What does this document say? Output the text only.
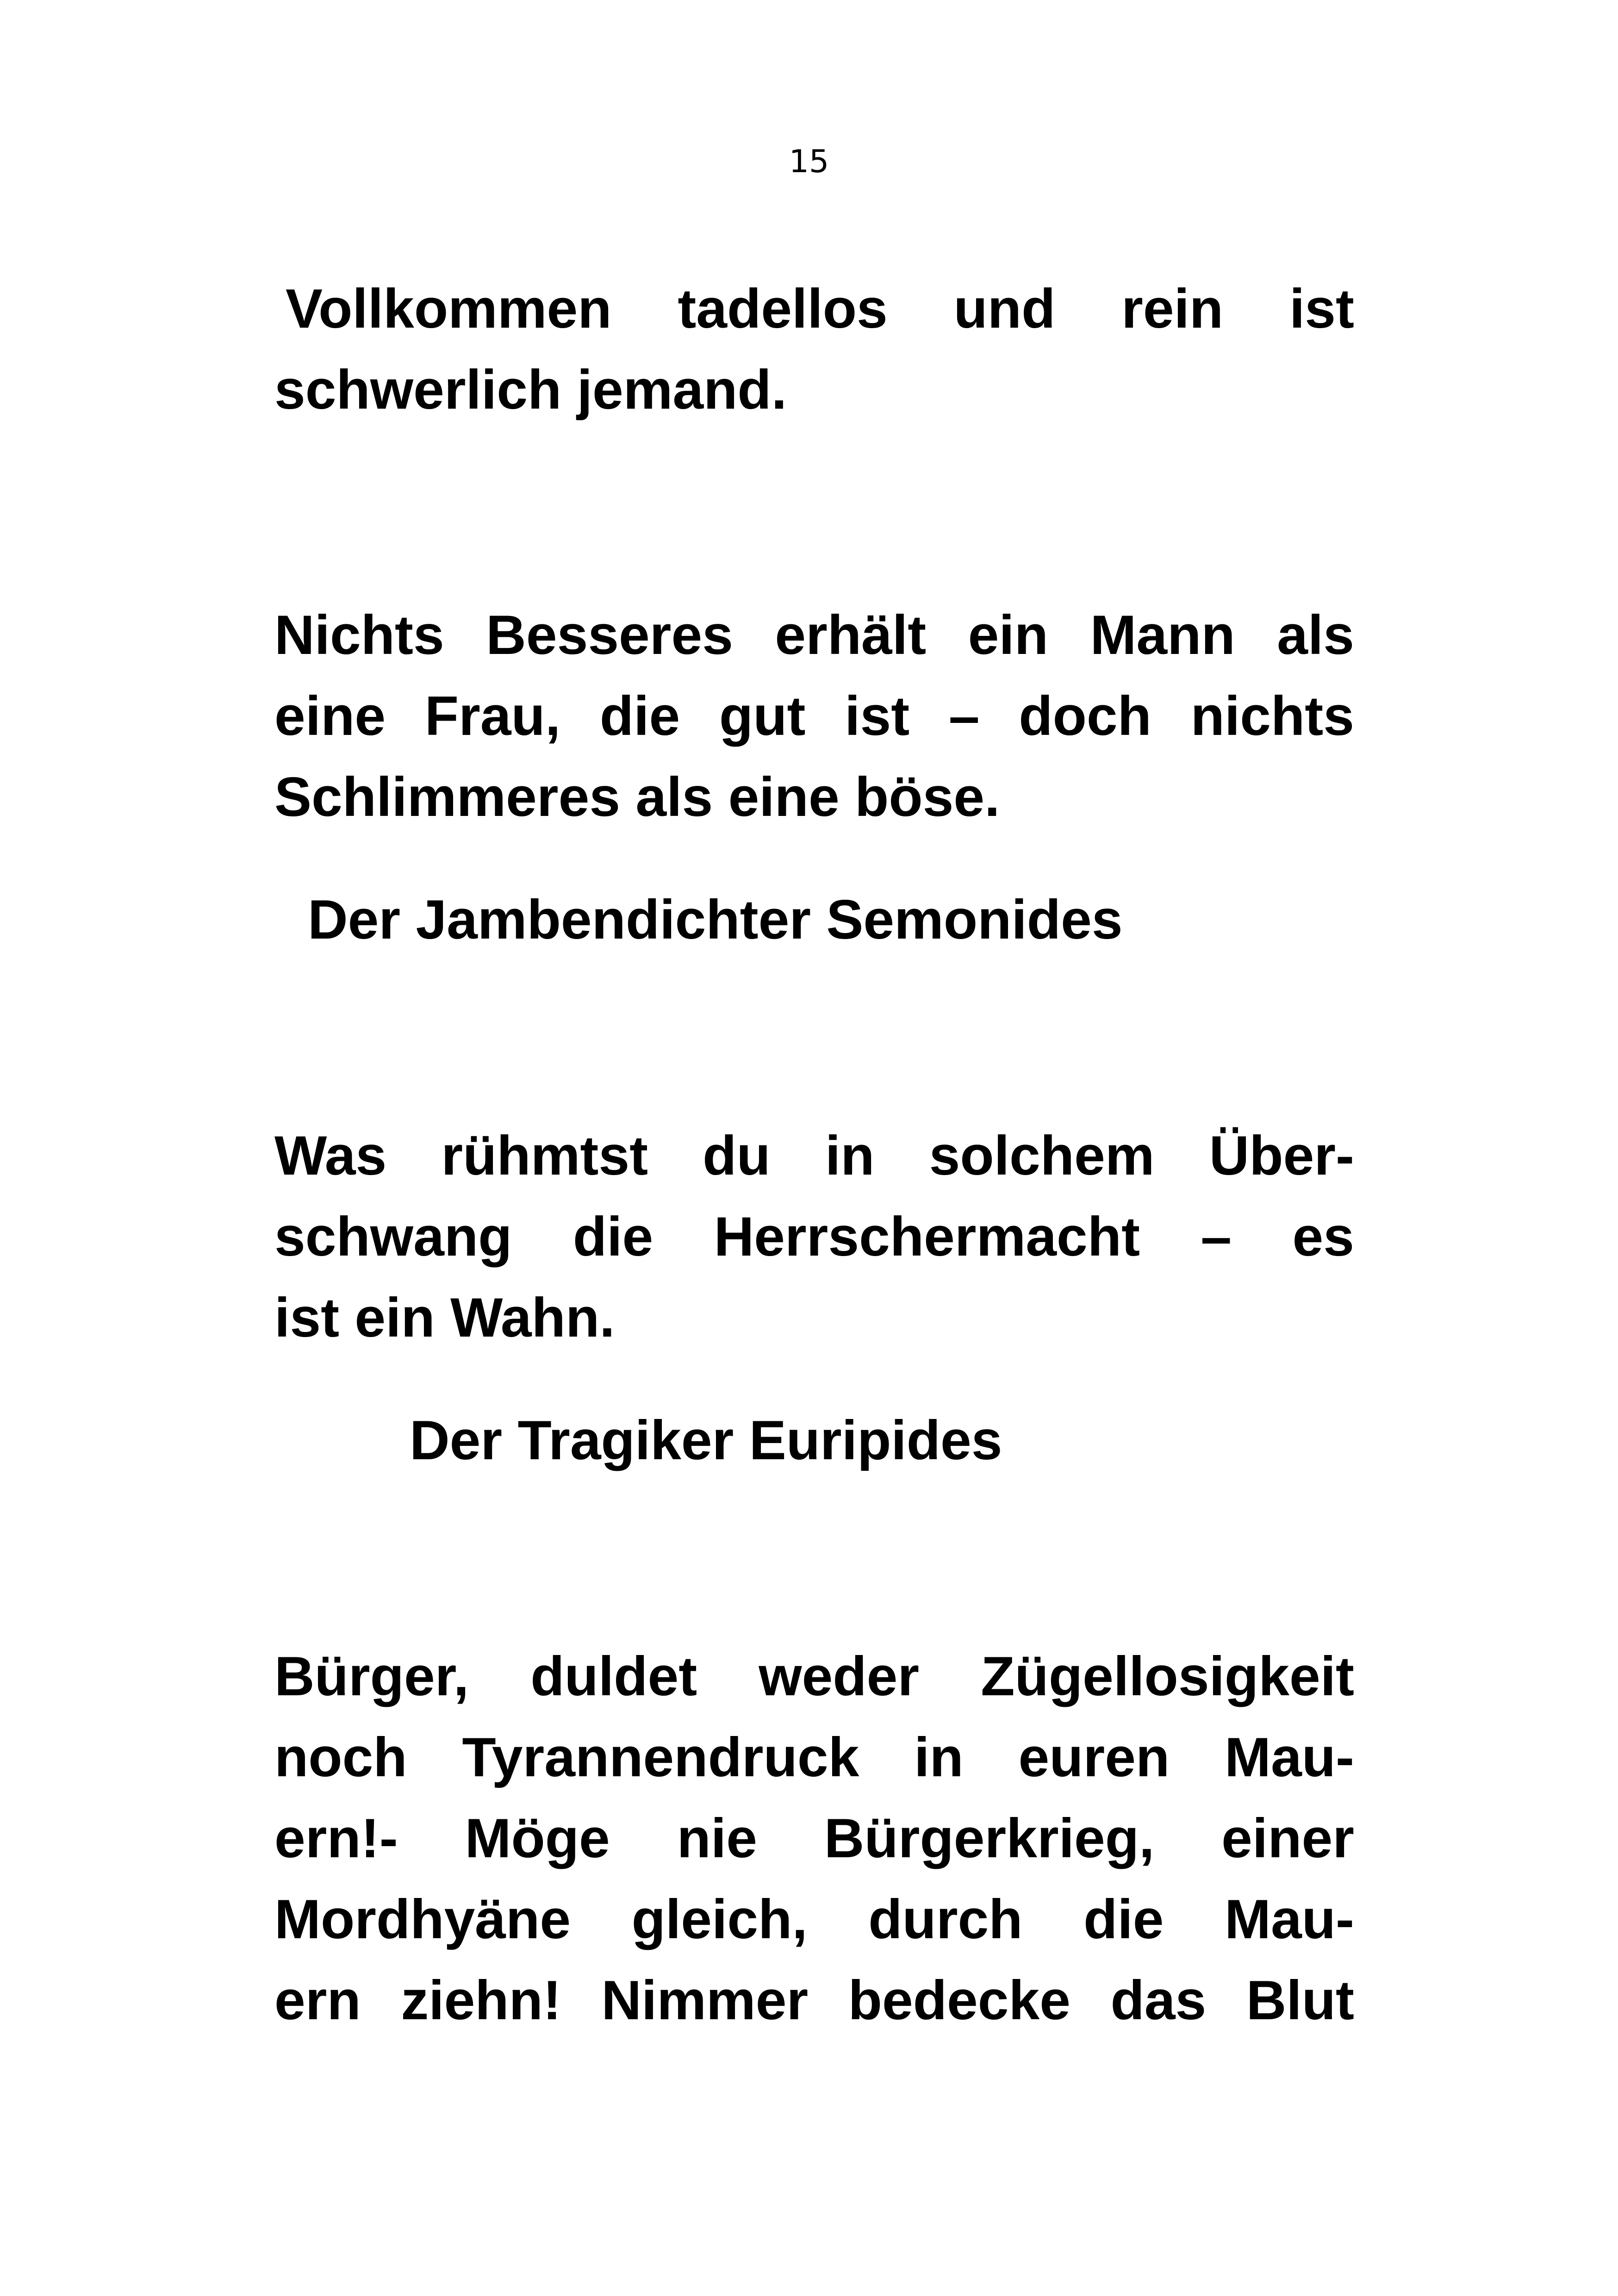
15

Vollkommen tadellos und rein ist
schwerlich jemand.

Nichts Besseres erhält ein Mann als
eine Frau, die gut ist – doch nichts
Schlimmeres als eine böse.

Der Jambendichter Semonides

Was rühmtst du in solchem Über-
schwang die Herrschermacht – es
ist ein Wahn.

Der Tragiker Euripides

Bürger, duldet weder Zügellosigkeit
noch Tyrannendruck in euren Mau-
ern!- Möge nie Bürgerkrieg, einer
Mordhyäne gleich, durch die Mau-
ern ziehn! Nimmer bedecke das Blut
